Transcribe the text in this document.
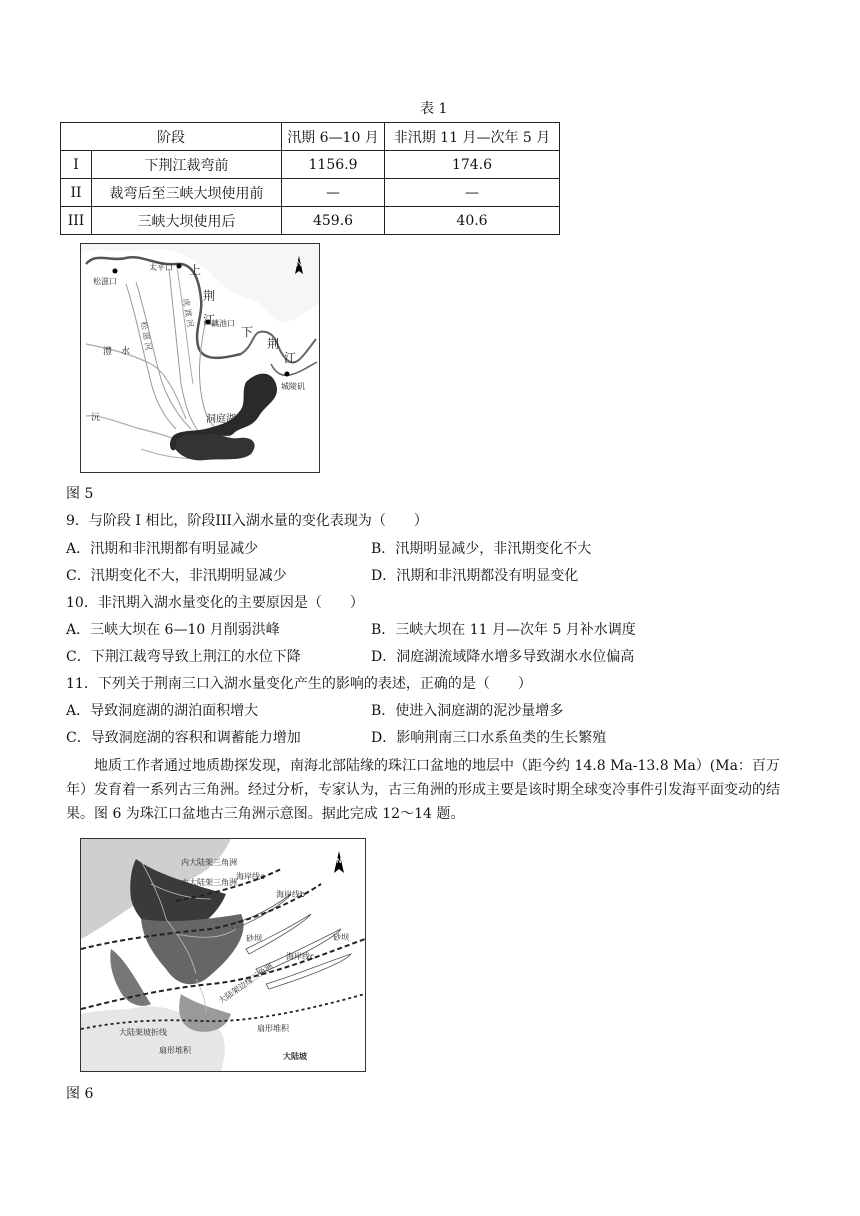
表 1
阶段		汛期 6—10 月	非汛期 11 月—次年 5 月
I	下荆江裁弯前	1156.9	174.6
II	裁弯后至三峡大坝使用前	—	—
III	三峡大坝使用后	459.6	40.6
N
松滋口
太平口 上
荆
江
松 滋 河
虎 渡 河 藕池口
下
荆
江
澧　水
城陵矶
洞庭湖
沅
图 5
9．与阶段 I 相比，阶段III入湖水量的变化表现为（　　）
A．汛期和非汛期都有明显减少	B．汛期明显减少，非汛期变化不大
C．汛期变化不大，非汛期明显减少	D．汛期和非汛期都没有明显变化
10．非汛期入湖水量变化的主要原因是（　　）
A．三峡大坝在 6—10 月削弱洪峰	B．三峡大坝在 11 月—次年 5 月补水调度
C．下荆江裁弯导致上荆江的水位下降	D．洞庭湖流域降水增多导致湖水水位偏高
11．下列关于荆南三口入湖水量变化产生的影响的表述，正确的是（　　）
A．导致洞庭湖的湖泊面积增大	B．使进入洞庭湖的泥沙量增多
C．导致洞庭湖的容积和调蓄能力增加	D．影响荆南三口水系鱼类的生长繁殖
地质工作者通过地质勘探发现，南海北部陆缘的珠江口盆地的地层中（距今约 14.8 Ma-13.8 Ma）(Ma：百万年）发育着一系列古三角洲。经过分析，专家认为，古三角洲的形成主要是该时期全球变冷事件引发海平面变动的结果。图 6 为珠江口盆地古三角洲示意图。据此完成 12～14 题。
N
内大陆架三角洲
海岸线a
中大陆架三角洲
海岸线b
砂坝	砂坝
海岸线c
大陆架边缘三角洲
大陆架坡折线	扇形堆积
扇形堆积
大陆坡
图 6
